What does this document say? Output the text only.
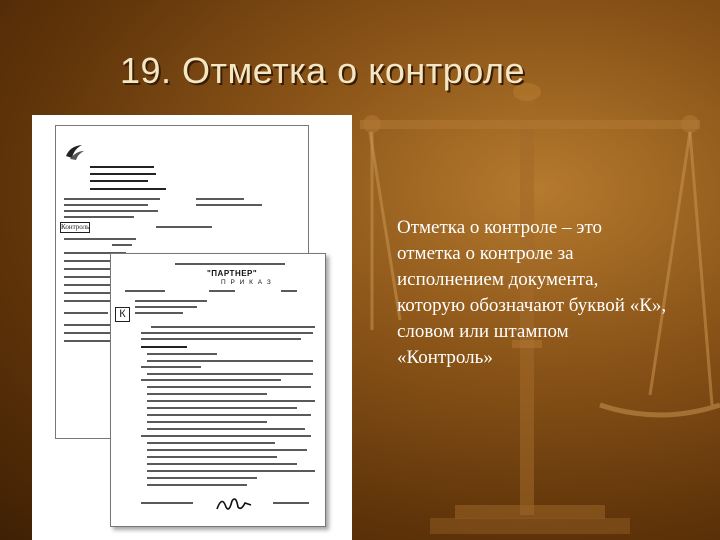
19. Отметка о контроле
Контроль
"ПАРТНЕР"
П Р И К А З
К

Отметка о контроле – это отметка о контроле за исполнением документа, которую обозначают буквой «К», словом или штампом «Контроль»
